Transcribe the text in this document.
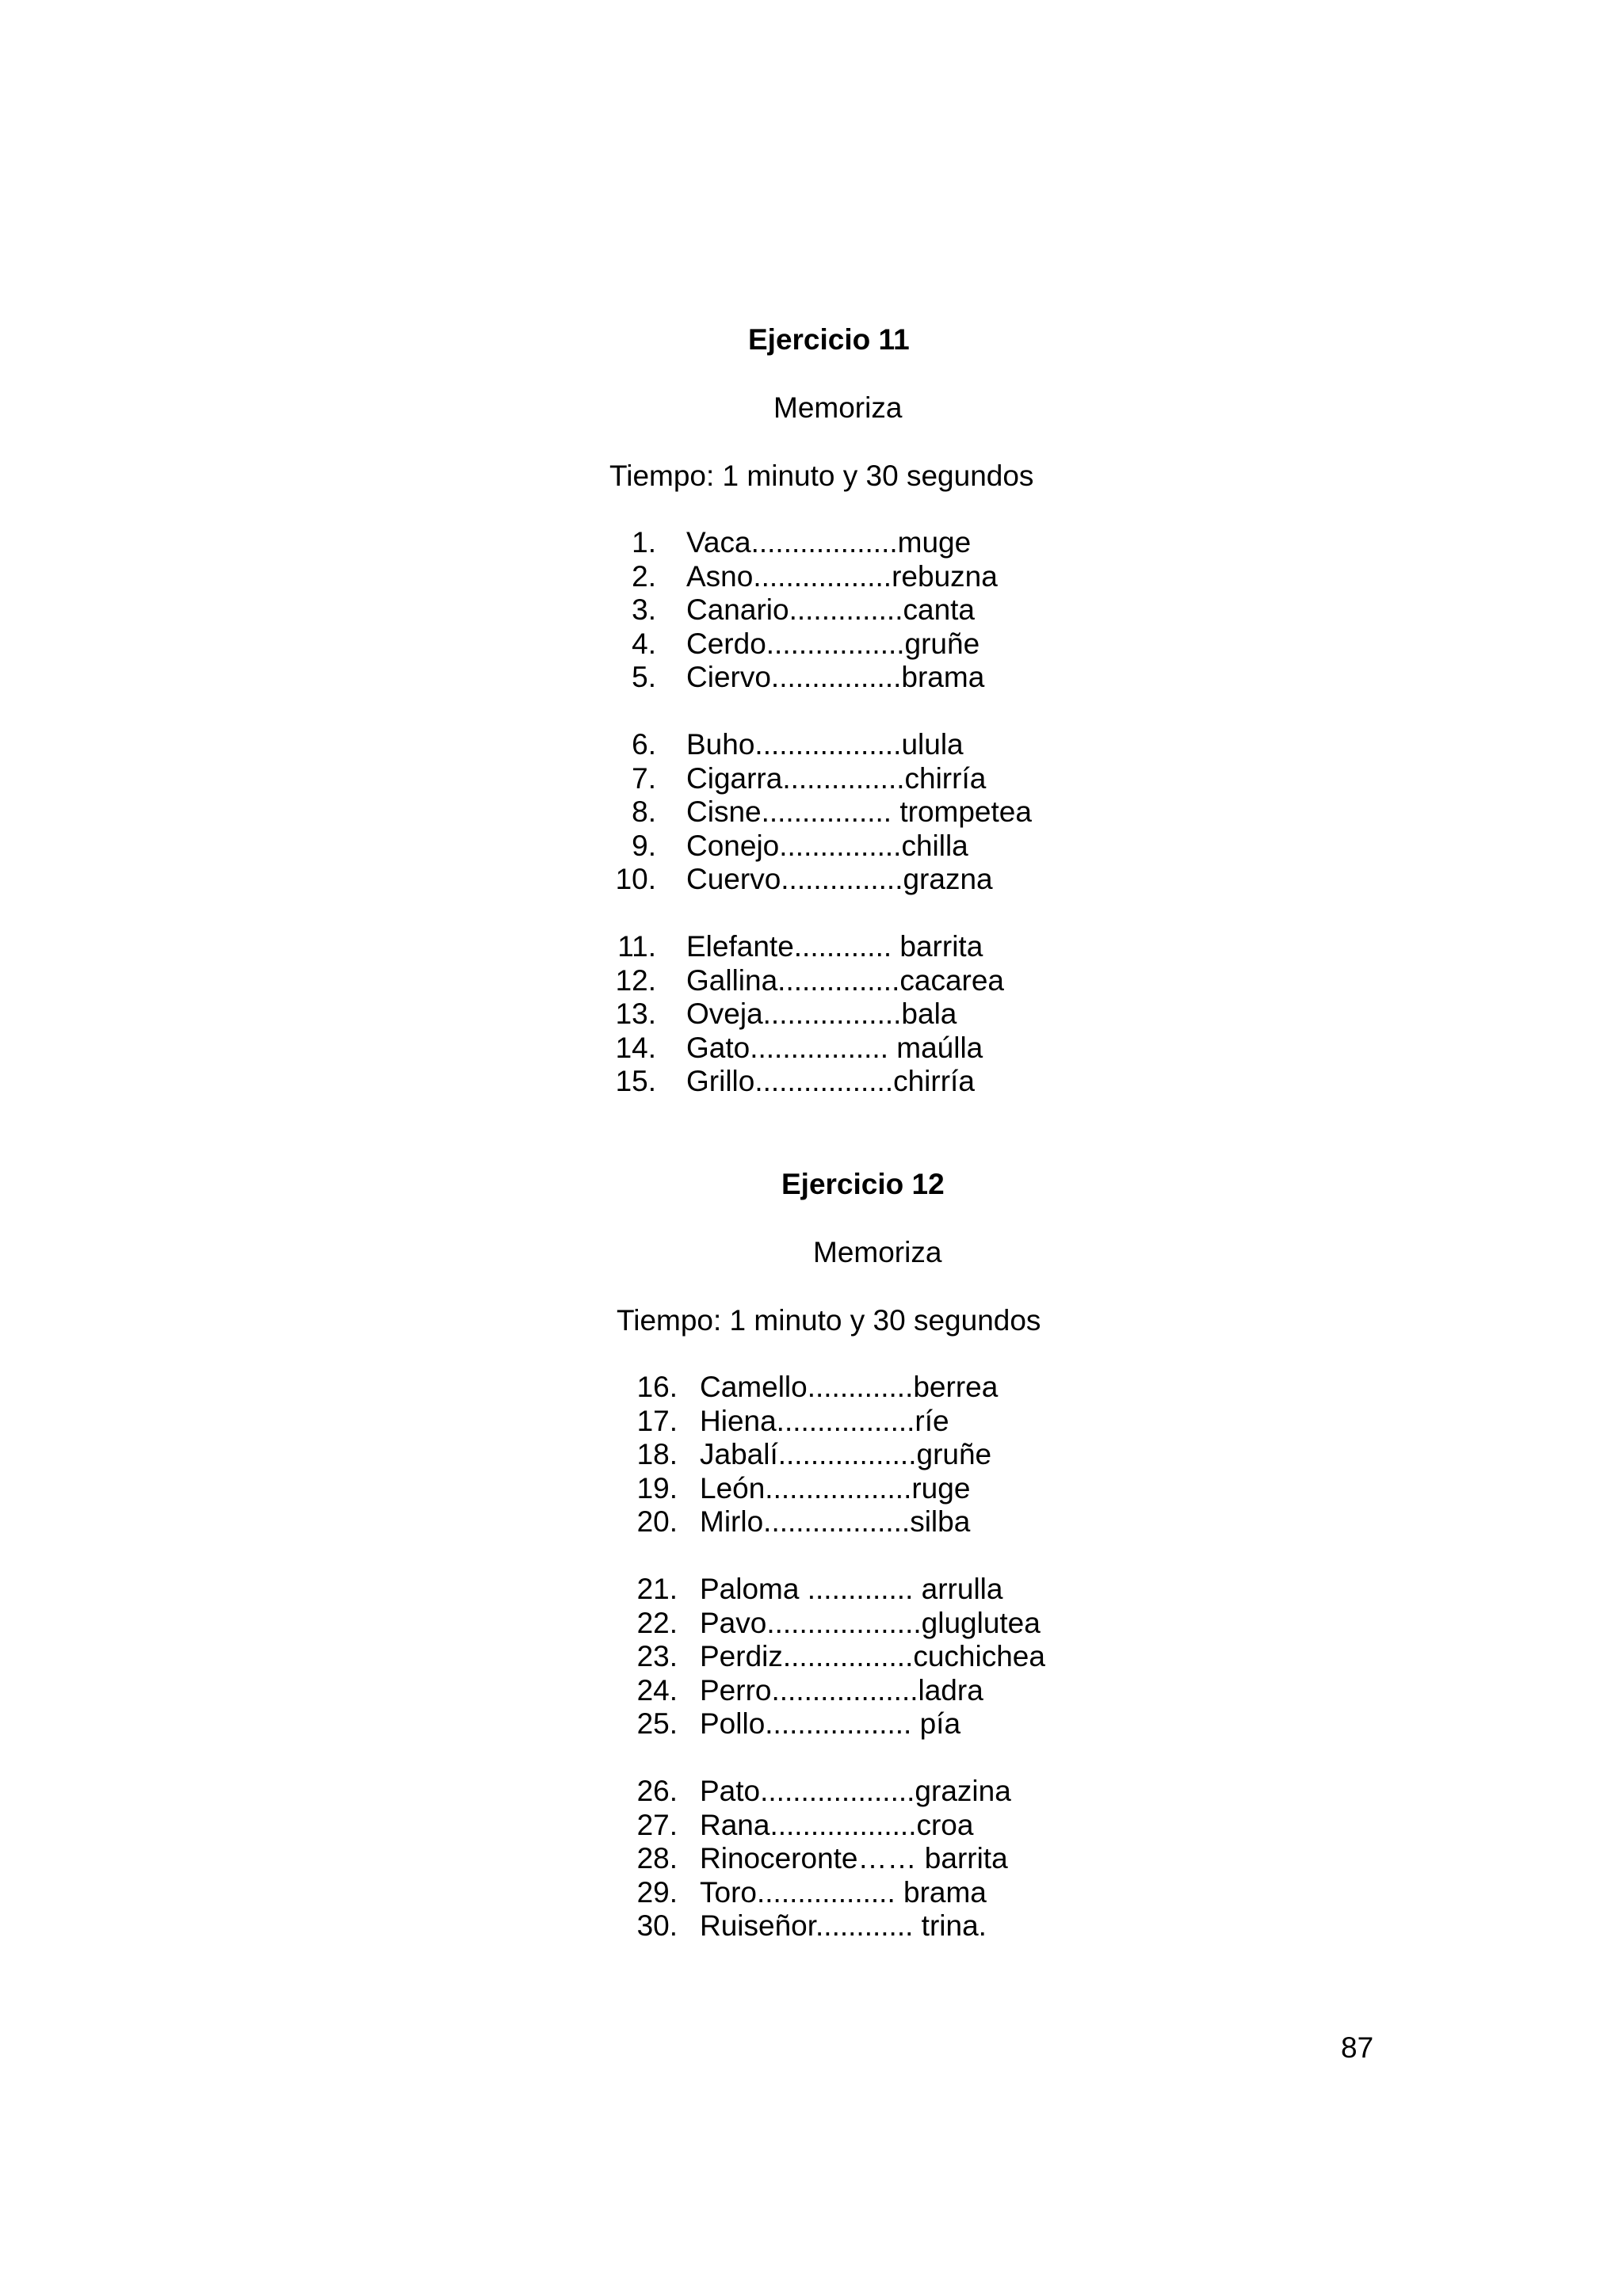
Ejercicio 11
Memoriza
Tiempo: 1 minuto y 30 segundos
1. Vaca..................muge
2. Asno.................rebuzna
3. Canario..............canta
4. Cerdo.................gruñe
5. Ciervo................brama
6. Buho..................ulula
7. Cigarra...............chirría
8. Cisne................ trompetea
9. Conejo...............chilla
10. Cuervo...............grazna
11. Elefante............ barrita
12. Gallina...............cacarea
13. Oveja.................bala
14. Gato................. maúlla
15. Grillo.................chirría
Ejercicio 12
Memoriza
Tiempo: 1 minuto y 30 segundos
16. Camello.............berrea
17. Hiena.................ríe
18. Jabalí.................gruñe
19. León..................ruge
20. Mirlo..................silba
21. Paloma ............. arrulla
22. Pavo...................gluglutea
23. Perdiz................cuchichea
24. Perro..................ladra
25. Pollo.................. pía
26. Pato...................grazina
27. Rana..................croa
28. Rinoceronte…… barrita
29. Toro................. brama
30. Ruiseñor............ trina.
87
